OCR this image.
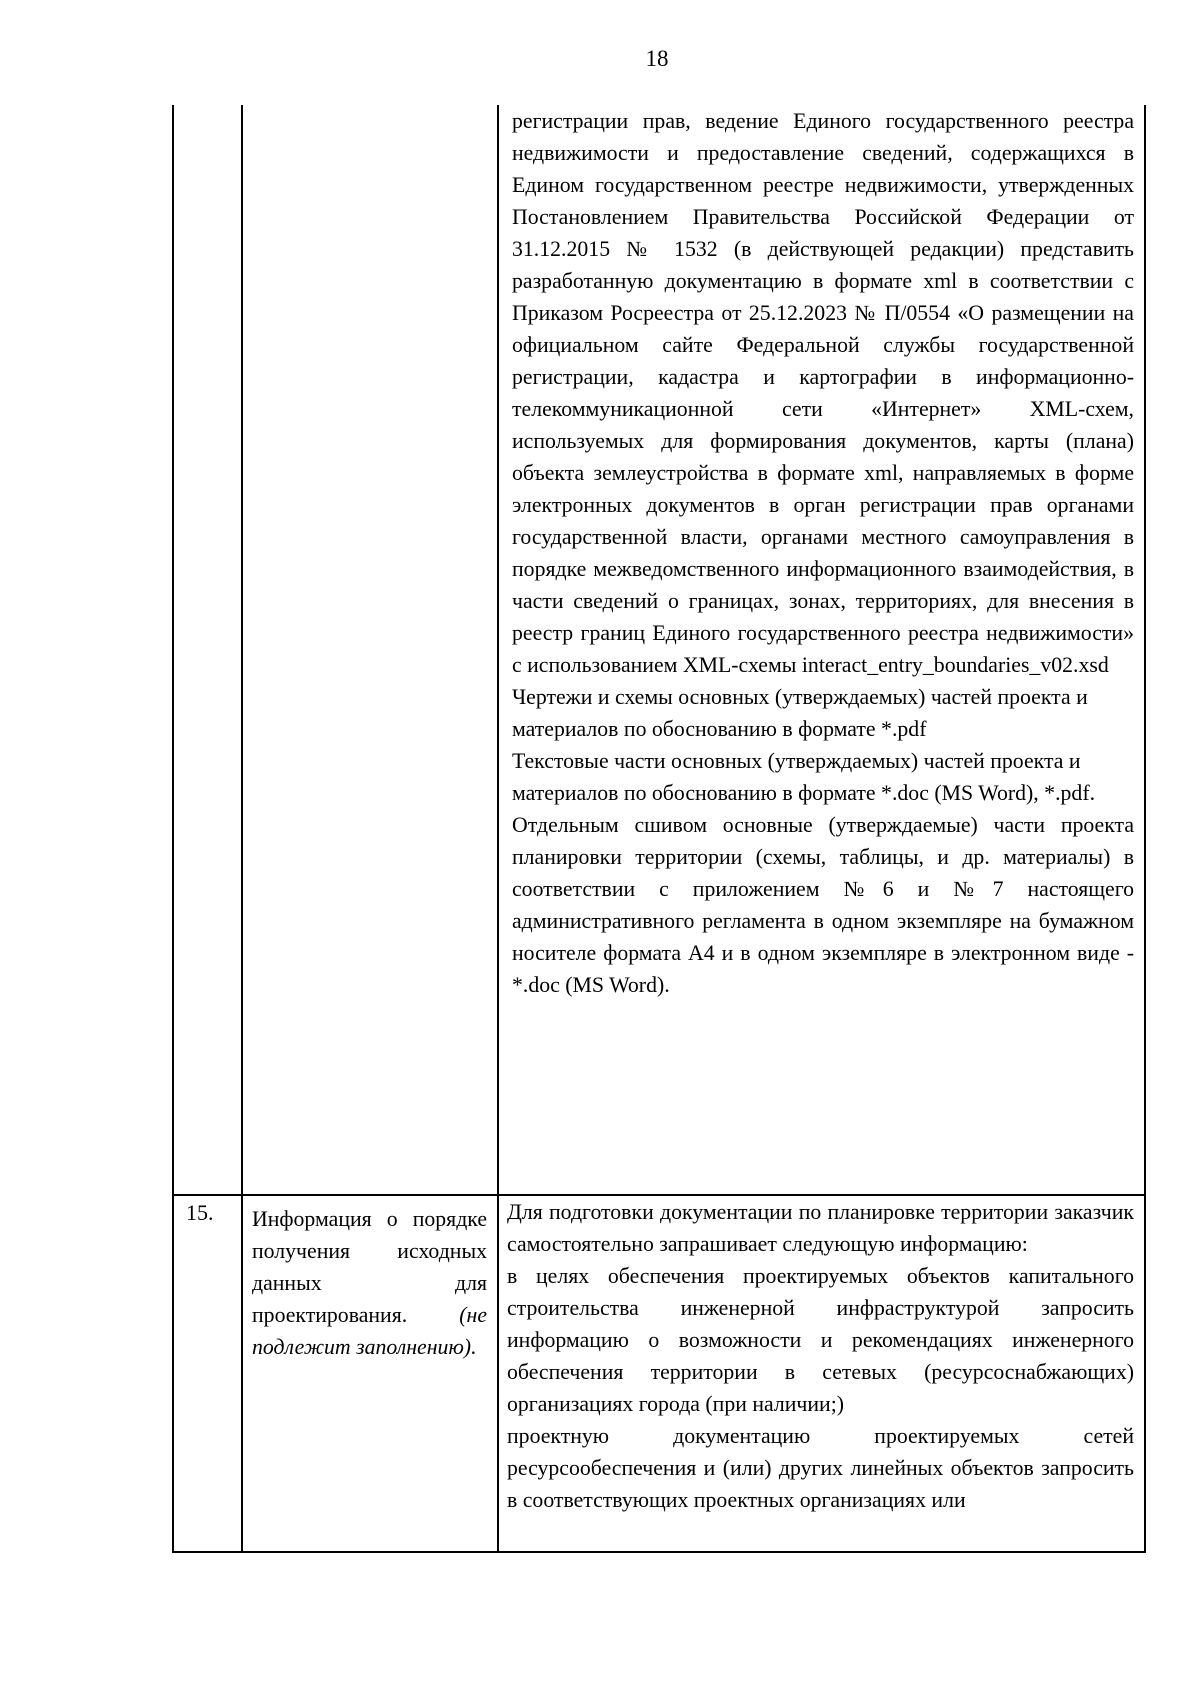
18

регистрации прав, ведение Единого государственного реестра недвижимости и предоставление сведений, содержащихся в Едином государственном реестре недвижимости, утвержденных Постановлением Правительства Российской Федерации от 31.12.2015 № 1532 (в действующей редакции) представить разработанную документацию в формате xml в соответствии с Приказом Росреестра от 25.12.2023 № П/0554 «О размещении на официальном сайте Федеральной службы государственной регистрации, кадастра и картографии в информационно-телекоммуникационной сети «Интернет» XML-схем, используемых для формирования документов, карты (плана) объекта землеустройства в формате xml, направляемых в форме электронных документов в орган регистрации прав органами государственной власти, органами местного самоуправления в порядке межведомственного информационного взаимодействия, в части сведений о границах, зонах, территориях, для внесения в реестр границ Единого государственного реестра недвижимости» с использованием XML-схемы interact_entry_boundaries_v02.xsd

Чертежи и схемы основных (утверждаемых) частей проекта и материалов по обоснованию в формате *.pdf

Текстовые части основных (утверждаемых) частей проекта и материалов по обоснованию в формате *.doc (MS Word), *.pdf.

Отдельным сшивом основные (утверждаемые) части проекта планировки территории (схемы, таблицы, и др. материалы) в соответствии с приложением №6 и №7 настоящего административного регламента в одном экземпляре на бумажном носителе формата А4 и в одном экземпляре в электронном виде -*.doc (MS Word).

15.	Информация о порядке получения исходных данных для проектирования. (не подлежит заполнению).

Для подготовки документации по планировке территории заказчик самостоятельно запрашивает следующую информацию:

в целях обеспечения проектируемых объектов капитального строительства инженерной инфраструктурой запросить информацию о возможности и рекомендациях инженерного обеспечения территории в сетевых (ресурсоснабжающих) организациях города (при наличии;)

проектную документацию проектируемых сетей ресурсообеспечения и (или) других линейных объектов запросить в соответствующих проектных организациях или
